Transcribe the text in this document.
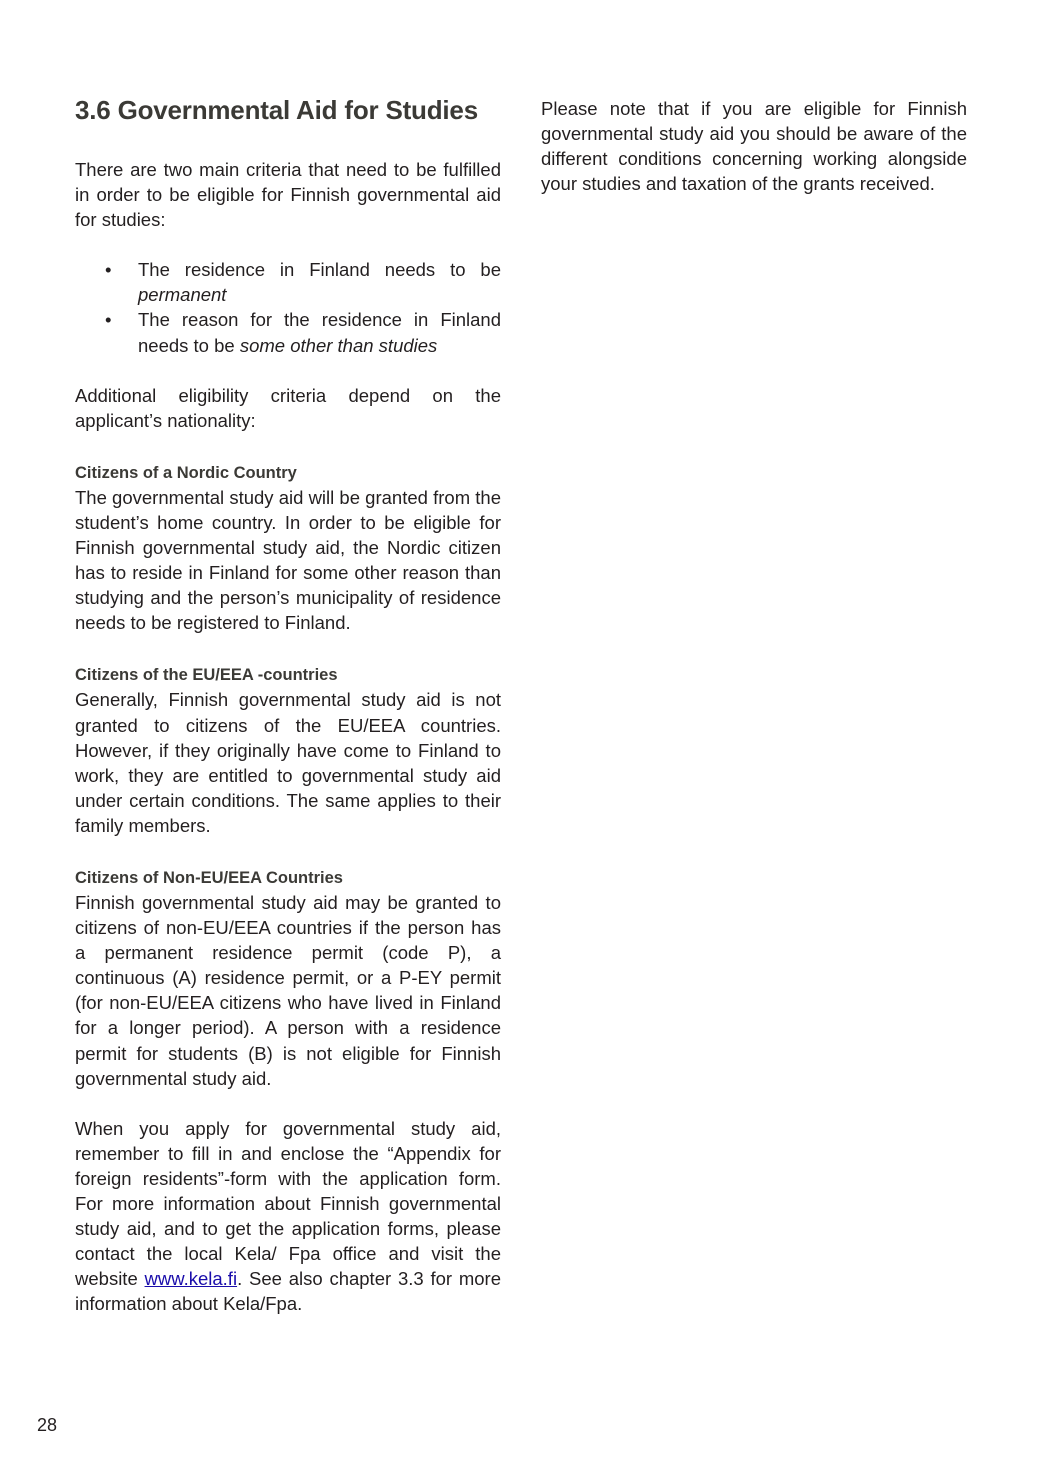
3.6 Governmental Aid for Studies

There are two main criteria that need to be fulfilled in order to be eligible for Finnish governmental aid for studies:

• The residence in Finland needs to be permanent
• The reason for the residence in Finland needs to be some other than studies

Additional eligibility criteria depend on the applicant’s nationality:

Citizens of a Nordic Country

The governmental study aid will be granted from the student’s home country. In order to be eligible for Finnish governmental study aid, the Nordic citizen has to reside in Finland for some other reason than studying and the person’s municipality of residence needs to be registered to Finland.

Citizens of the EU/EEA -countries

Generally, Finnish governmental study aid is not granted to citizens of the EU/EEA countries. However, if they originally have come to Finland to work, they are entitled to governmental study aid under certain conditions. The same applies to their family members.

Citizens of Non-EU/EEA Countries

Finnish governmental study aid may be granted to citizens of non-EU/EEA countries if the person has a permanent residence permit (code P), a continuous (A) residence permit, or a P-EY permit (for non-EU/EEA citizens who have lived in Finland for a longer period). A person with a residence permit for students (B) is not eligible for Finnish governmental study aid.

When you apply for governmental study aid, remember to fill in and enclose the “Appendix for foreign residents”-form with the application form. For more information about Finnish governmental study aid, and to get the application forms, please contact the local Kela/ Fpa office and visit the website www.kela.fi. See also chapter 3.3 for more information about Kela/Fpa.

Please note that if you are eligible for Finnish governmental study aid you should be aware of the different conditions concerning working alongside your studies and taxation of the grants received.

28
